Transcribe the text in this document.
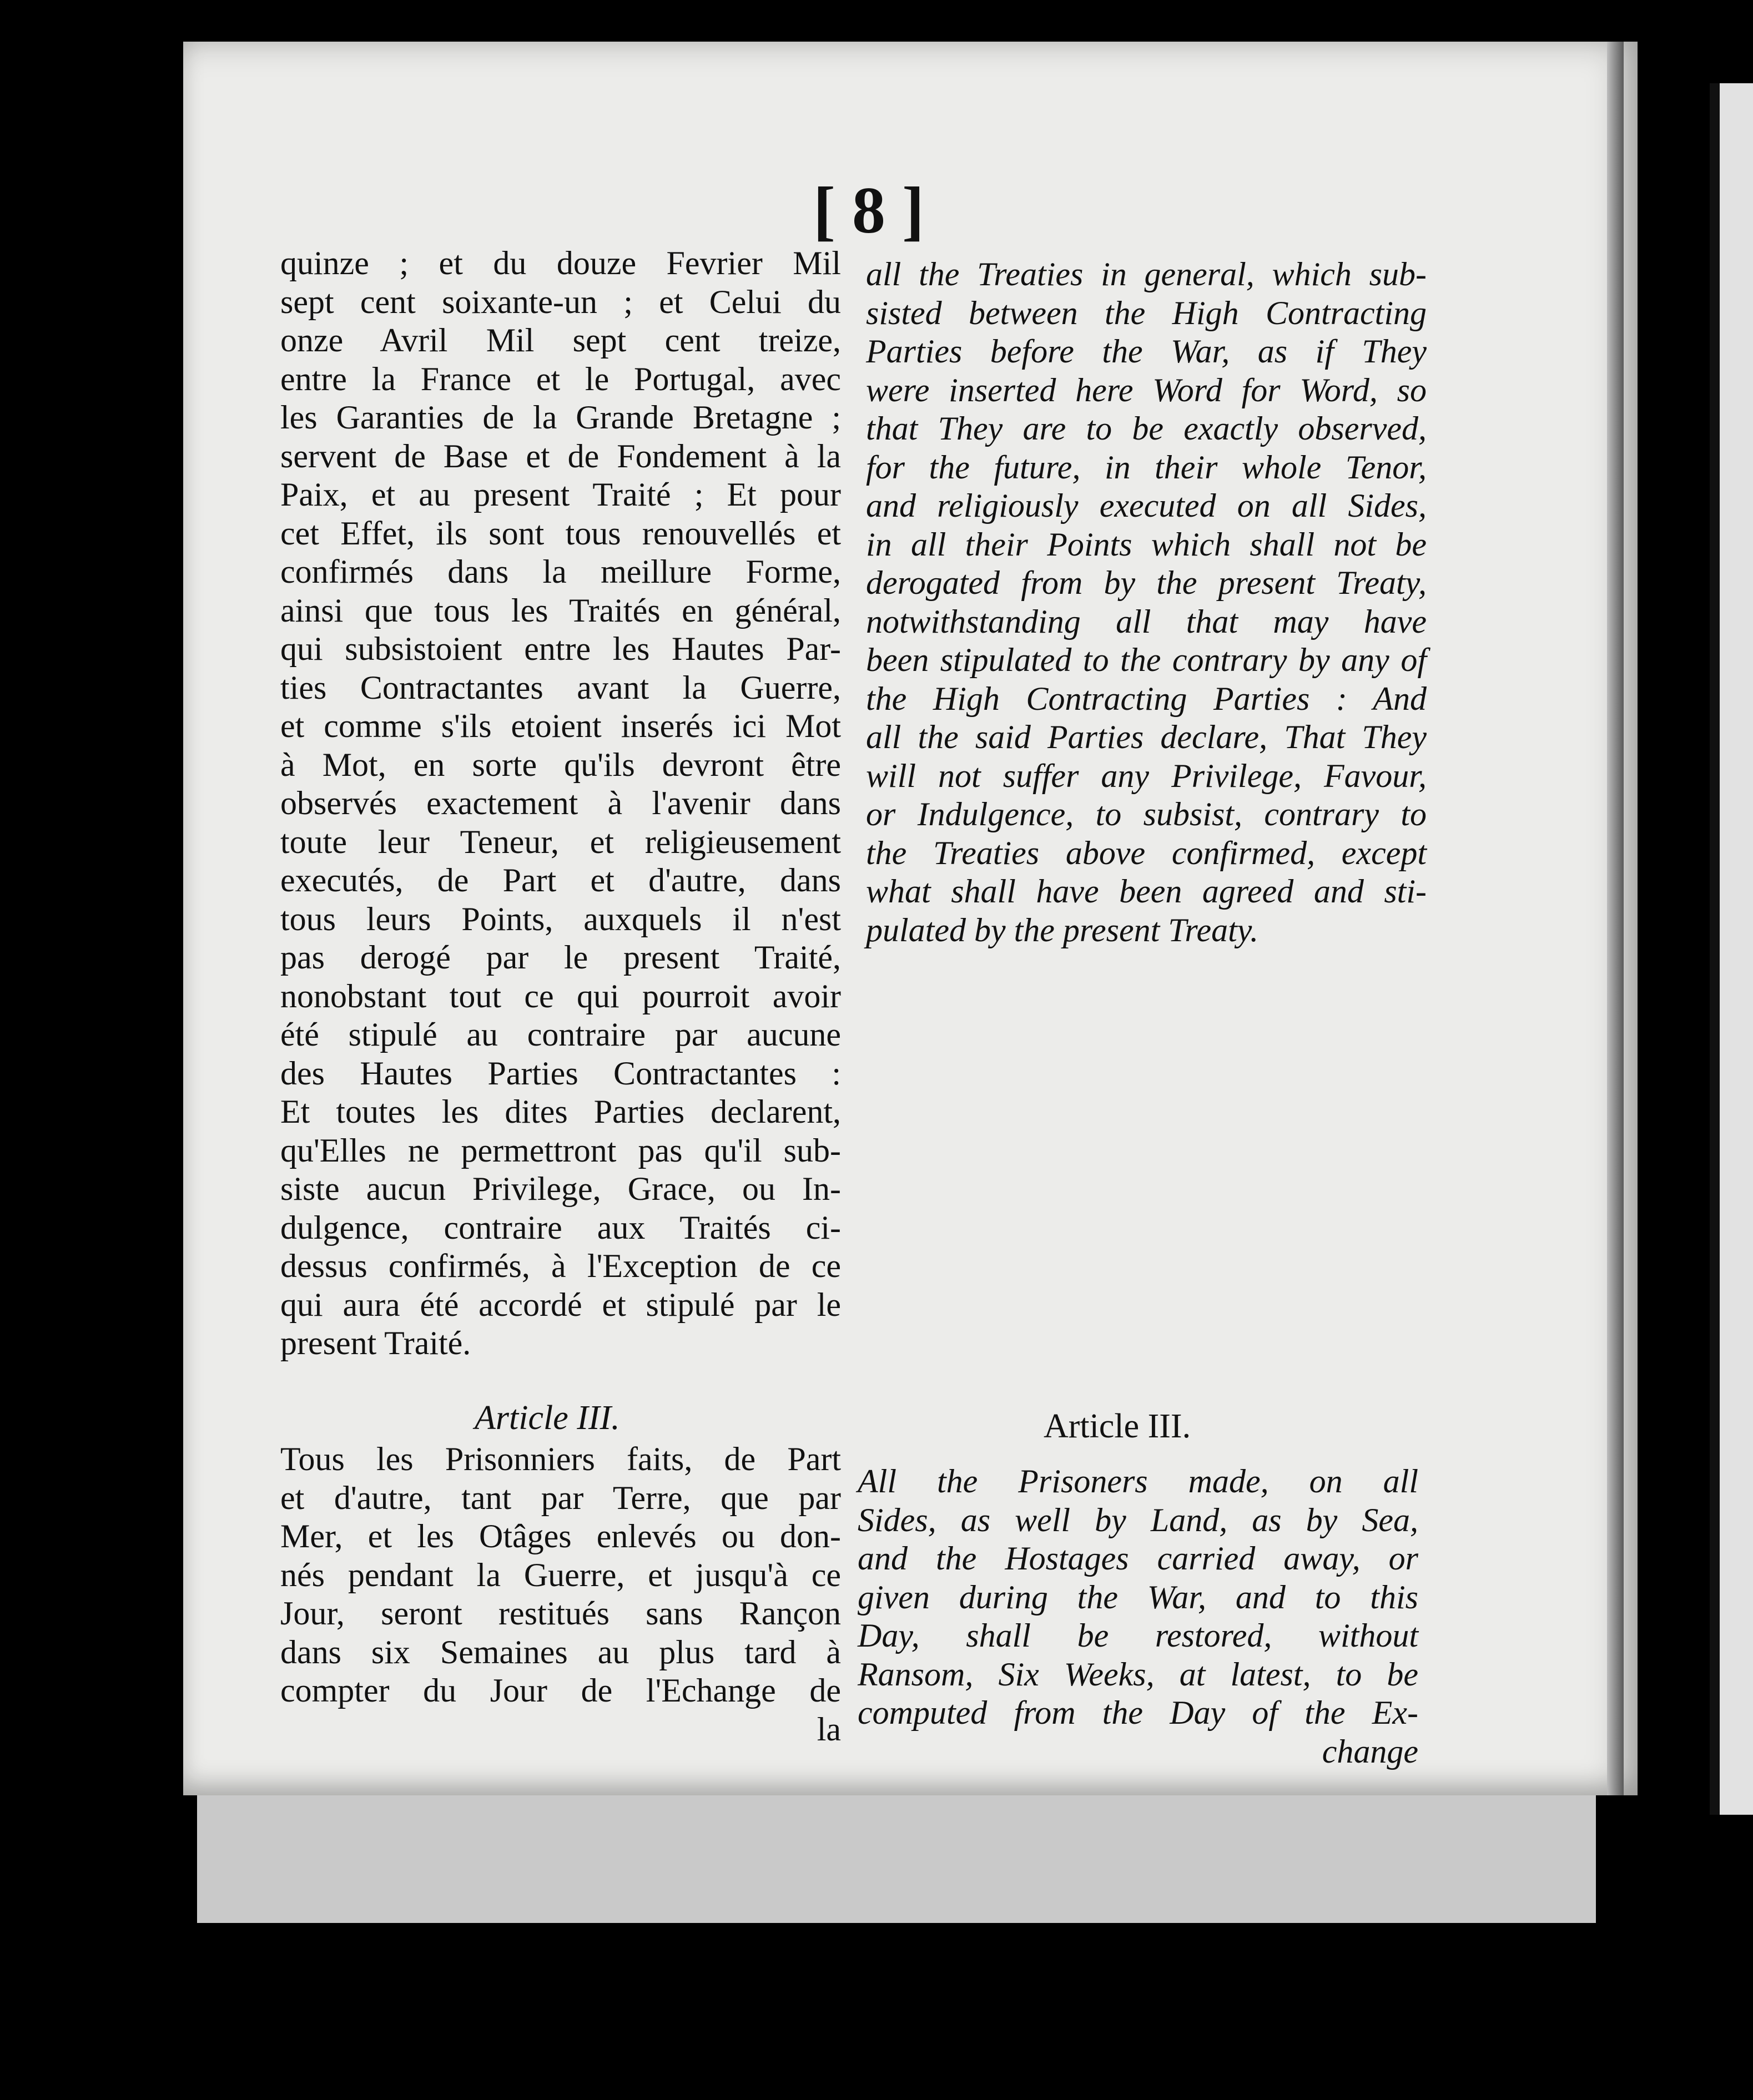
[ 8 ]
quinze ; et du douze Fevrier Mil
sept cent soixante-un ; et Celui du
onze Avril Mil sept cent treize,
entre la France et le Portugal, avec
les Garanties de la Grande Bretagne ;
servent de Base et de Fondement à la
Paix, et au present Traité ; Et pour
cet Effet, ils sont tous renouvellés et
confirmés dans la meillure Forme,
ainsi que tous les Traités en général,
qui subsistoient entre les Hautes Par-
ties Contractantes avant la Guerre,
et comme s'ils etoient inserés ici Mot
à Mot, en sorte qu'ils devront être
observés exactement à l'avenir dans
toute leur Teneur, et religieusement
executés, de Part et d'autre, dans
tous leurs Points, auxquels il n'est
pas derogé par le present Traité,
nonobstant tout ce qui pourroit avoir
été stipulé au contraire par aucune
des Hautes Parties Contractantes :
Et toutes les dites Parties declarent,
qu'Elles ne permettront pas qu'il sub-
siste aucun Privilege, Grace, ou In-
dulgence, contraire aux Traités ci-
dessus confirmés, à l'Exception de ce
qui aura été accordé et stipulé par le
present Traité.
all the Treaties in general, which sub-
sisted between the High Contracting
Parties before the War, as if They
were inserted here Word for Word, so
that They are to be exactly observed,
for the future, in their whole Tenor,
and religiously executed on all Sides,
in all their Points which shall not be
derogated from by the present Treaty,
notwithstanding all that may have
been stipulated to the contrary by any of
the High Contracting Parties : And
all the said Parties declare, That They
will not suffer any Privilege, Favour,
or Indulgence, to subsist, contrary to
the Treaties above confirmed, except
what shall have been agreed and sti-
pulated by the present Treaty.
Article III.	Article III.
Tous les Prisonniers faits, de Part
et d'autre, tant par Terre, que par
Mer, et les Otâges enlevés ou don-
nés pendant la Guerre, et jusqu'à ce
Jour, seront restitués sans Rançon
dans six Semaines au plus tard à
compter du Jour de l'Echange de
la
All the Prisoners made, on all
Sides, as well by Land, as by Sea,
and the Hostages carried away, or
given during the War, and to this
Day, shall be restored, without
Ransom, Six Weeks, at latest, to be
computed from the Day of the Ex-
change
